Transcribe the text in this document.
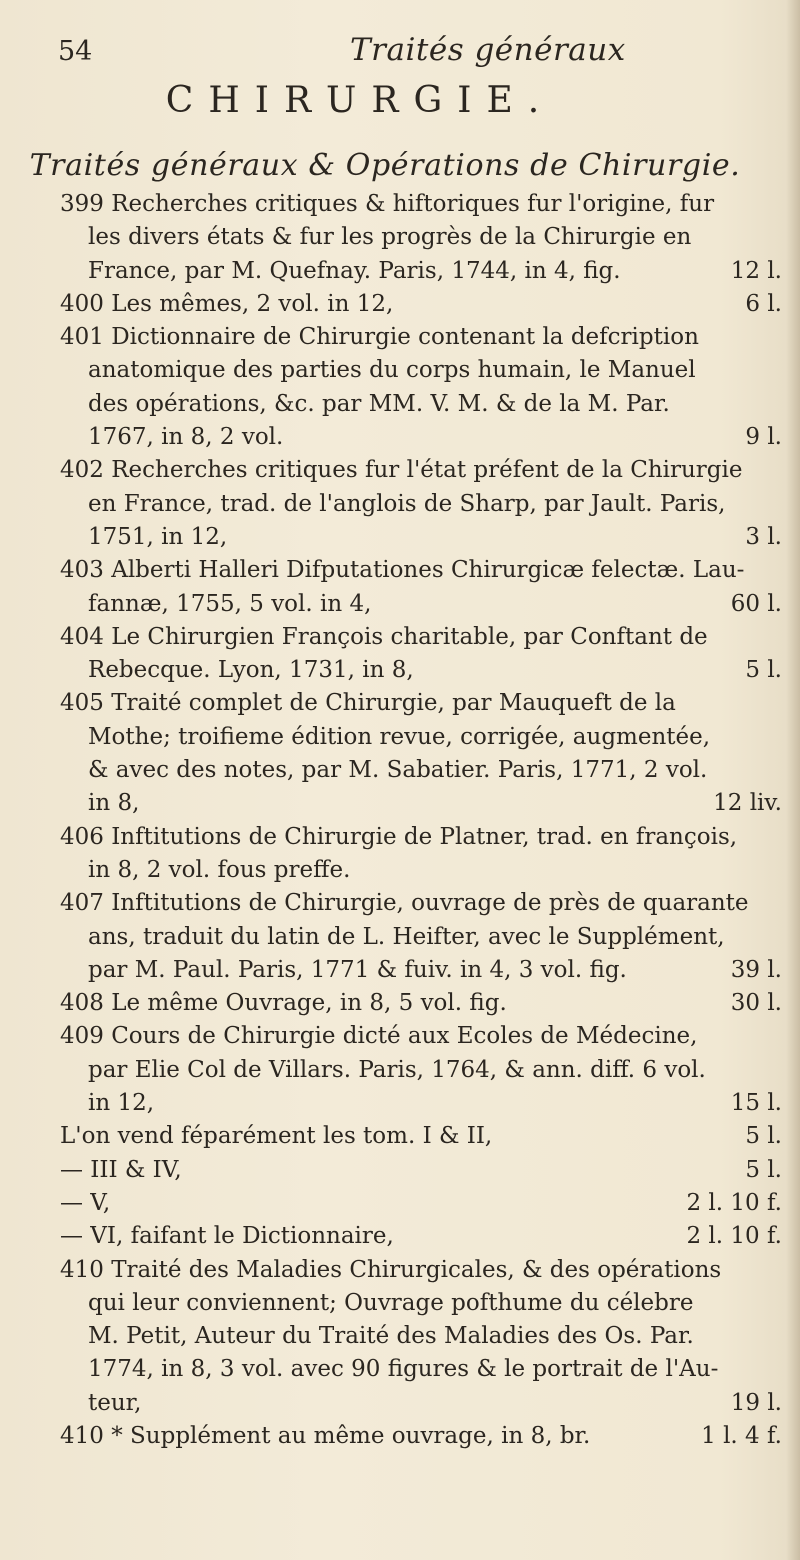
54	Traités généraux
CHIRURGIE.
Traités généraux & Opérations de Chirurgie.
399 Recherches critiques & hiftoriques fur l'origine, fur
les divers états & fur les progrès de la Chirurgie en
France, par M. Quefnay. Paris, 1744, in 4, fig.	12 l.
400 Les mêmes, 2 vol. in 12,	6 l.
401 Dictionnaire de Chirurgie contenant la defcription
anatomique des parties du corps humain, le Manuel
des opérations, &c. par MM. V. M. & de la M. Par.
1767, in 8, 2 vol.	9 l.
402 Recherches critiques fur l'état préfent de la Chirurgie
en France, trad. de l'anglois de Sharp, par Jault. Paris,
1751, in 12,	3 l.
403 Alberti Halleri Difputationes Chirurgicæ felectæ. Lau-
fannæ, 1755, 5 vol. in 4,	60 l.
404 Le Chirurgien François charitable, par Conftant de
Rebecque. Lyon, 1731, in 8,	5 l.
405 Traité complet de Chirurgie, par Mauqueft de la
Mothe; troifieme édition revue, corrigée, augmentée,
& avec des notes, par M. Sabatier. Paris, 1771, 2 vol.
in 8,	12 liv.
406 Inftitutions de Chirurgie de Platner, trad. en françois,
in 8, 2 vol. fous preffe.
407 Inftitutions de Chirurgie, ouvrage de près de quarante
ans, traduit du latin de L. Heifter, avec le Supplément,
par M. Paul. Paris, 1771 & fuiv. in 4, 3 vol. fig.	39 l.
408 Le même Ouvrage, in 8, 5 vol. fig.	30 l.
409 Cours de Chirurgie dicté aux Ecoles de Médecine,
par Elie Col de Villars. Paris, 1764, & ann. diff. 6 vol.
in 12,	15 l.
L'on vend féparément les tom. I & II,	5 l.
— III & IV,	5 l.
— V,	2 l. 10 f.
— VI, faifant le Dictionnaire,	2 l. 10 f.
410 Traité des Maladies Chirurgicales, & des opérations
qui leur conviennent; Ouvrage pofthume du célebre
M. Petit, Auteur du Traité des Maladies des Os. Par.
1774, in 8, 3 vol. avec 90 figures & le portrait de l'Au-
teur,	19 l.
410 * Supplément au même ouvrage, in 8, br.	1 l. 4 f.
